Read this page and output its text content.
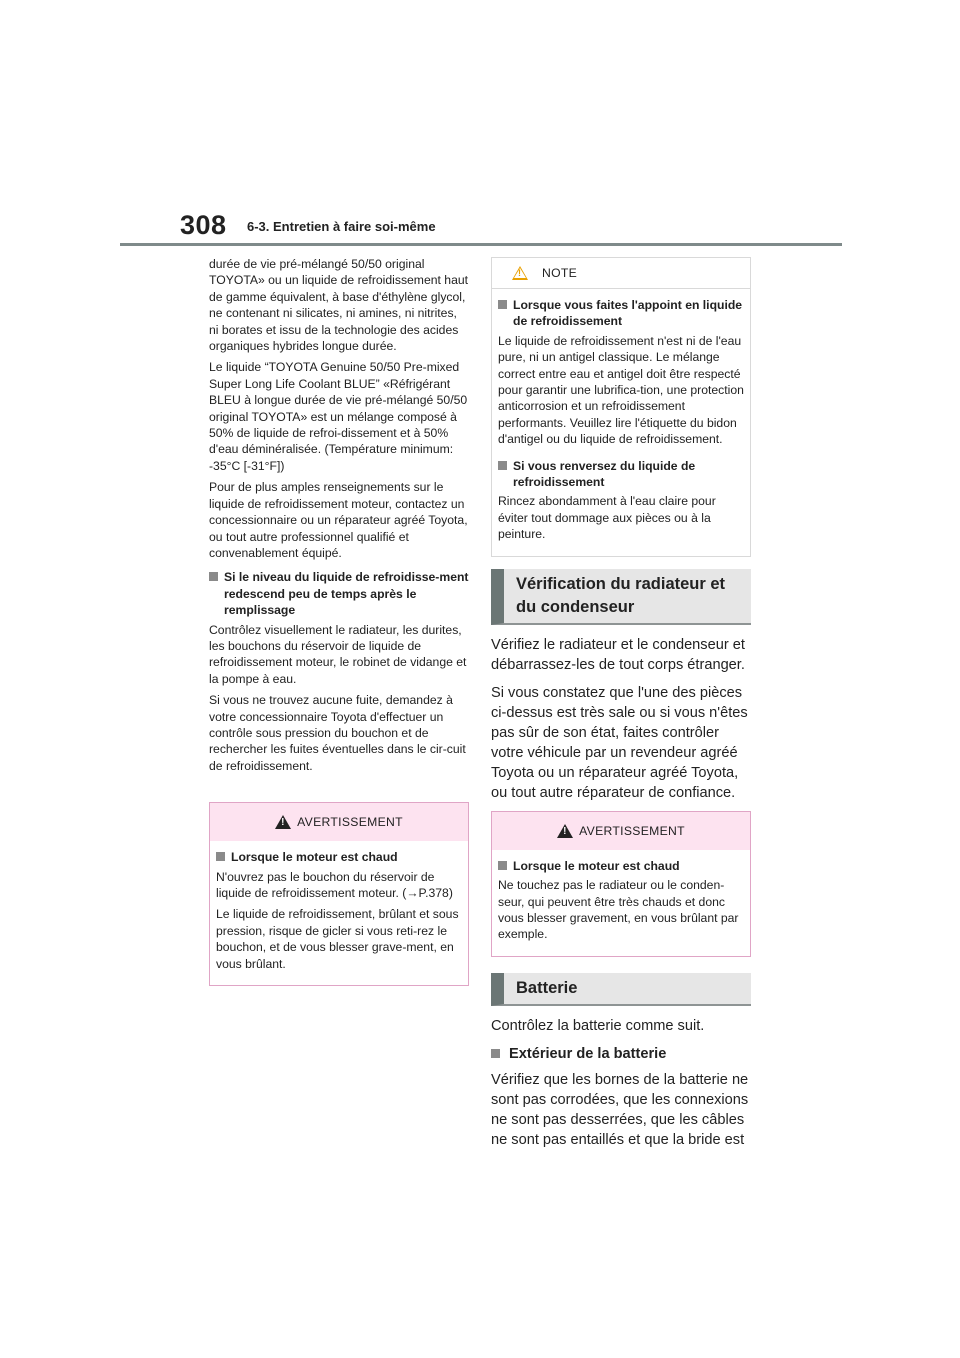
308 6-3. Entretien à faire soi-même

durée de vie pré-mélangé 50/50 original TOYOTA» ou un liquide de refroidissement haut de gamme équivalent, à base d'éthylène glycol, ne contenant ni silicates, ni amines, ni nitrites, ni borates et issu de la technologie des acides organiques hybrides longue durée.

Le liquide “TOYOTA Genuine 50/50 Pre-mixed Super Long Life Coolant BLUE” «Réfrigérant BLEU à longue durée de vie pré-mélangé 50/50 original TOYOTA» est un mélange composé à 50% de liquide de refroi-dissement et à 50% d'eau déminéralisée. (Température minimum: -35°C [-31°F])

Pour de plus amples renseignements sur le liquide de refroidissement moteur, contactez un concessionnaire ou un réparateur agréé Toyota, ou tout autre professionnel qualifié et convenablement équipé.

Si le niveau du liquide de refroidisse-ment redescend peu de temps après le remplissage

Contrôlez visuellement le radiateur, les durites, les bouchons du réservoir de liquide de refroidissement moteur, le robinet de vidange et la pompe à eau.

Si vous ne trouvez aucune fuite, demandez à votre concessionnaire Toyota d'effectuer un contrôle sous pression du bouchon et de rechercher les fuites éventuelles dans le cir-cuit de refroidissement.

!
AVERTISSEMENT
Lorsque le moteur est chaud

N'ouvrez pas le bouchon du réservoir de liquide de refroidissement moteur. (→P.378)

Le liquide de refroidissement, brûlant et sous pression, risque de gicler si vous reti-rez le bouchon, et de vous blesser grave-ment, en vous brûlant.

!
NOTE
Lorsque vous faites l'appoint en liquide de refroidissement

Le liquide de refroidissement n'est ni de l'eau pure, ni un antigel classique. Le mélange correct entre eau et antigel doit être respecté pour garantir une lubrifica-tion, une protection anticorrosion et un refroidissement performants. Veuillez lire l'étiquette du bidon d'antigel ou du liquide de refroidissement.

Si vous renversez du liquide de refroidissement

Rincez abondamment à l'eau claire pour éviter tout dommage aux pièces ou à la peinture.

Vérification du radiateur et du condenseur

Vérifiez le radiateur et le condenseur et débarrassez-les de tout corps étranger.

Si vous constatez que l'une des pièces ci-dessus est très sale ou si vous n'êtes pas sûr de son état, faites contrôler votre véhicule par un revendeur agréé Toyota ou un réparateur agréé Toyota, ou tout autre réparateur de confiance.

!
AVERTISSEMENT
Lorsque le moteur est chaud

Ne touchez pas le radiateur ou le conden-seur, qui peuvent être très chauds et donc vous blesser gravement, en vous brûlant par exemple.

Batterie

Contrôlez la batterie comme suit.

Extérieur de la batterie

Vérifiez que les bornes de la batterie ne sont pas corrodées, que les connexions ne sont pas desserrées, que les câbles ne sont pas entaillés et que la bride est
